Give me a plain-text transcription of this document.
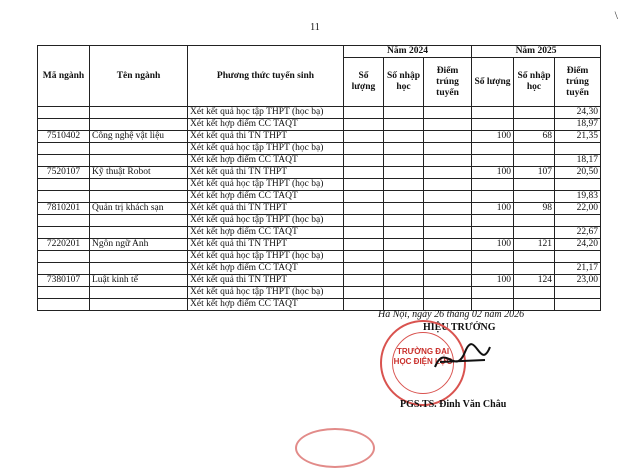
11
\
Mã ngành	Tên ngành	Phương thức tuyển sinh	Năm 2024			Năm 2025		
			Số lượng	Số nhập học	Điểm trúng tuyển	Số lượng	Số nhập học	Điểm trúng tuyển
		Xét kết quả học tập THPT (học bạ)						24,30
		Xét kết hợp điểm CC TAQT						18,97
7510402	Công nghệ vật liệu	Xét kết quả thi TN THPT				100	68	21,35
		Xét kết quả học tập THPT (học bạ)						
		Xét kết hợp điểm CC TAQT						18,17
7520107	Kỹ thuật Robot	Xét kết quả thi TN THPT				100	107	20,50
		Xét kết quả học tập THPT (học bạ)						
		Xét kết hợp điểm CC TAQT						19,83
7810201	Quản trị khách sạn	Xét kết quả thi TN THPT				100	98	22,00
		Xét kết quả học tập THPT (học bạ)						
		Xét kết hợp điểm CC TAQT						22,67
7220201	Ngôn ngữ Anh	Xét kết quả thi TN THPT				100	121	24,20
		Xét kết quả học tập THPT (học bạ)						
		Xét kết hợp điểm CC TAQT						21,17
7380107	Luật kinh tế	Xét kết quả thi TN THPT				100	124	23,00
		Xét kết quả học tập THPT (học bạ)						
		Xét kết hợp điểm CC TAQT						
Hà Nội, ngày 26 tháng 02 năm 2026
HIỆU TRƯỞNG
TRƯỜNG ĐẠI HỌC ĐIỆN LỰC
PGS.TS. Đinh Văn Châu
